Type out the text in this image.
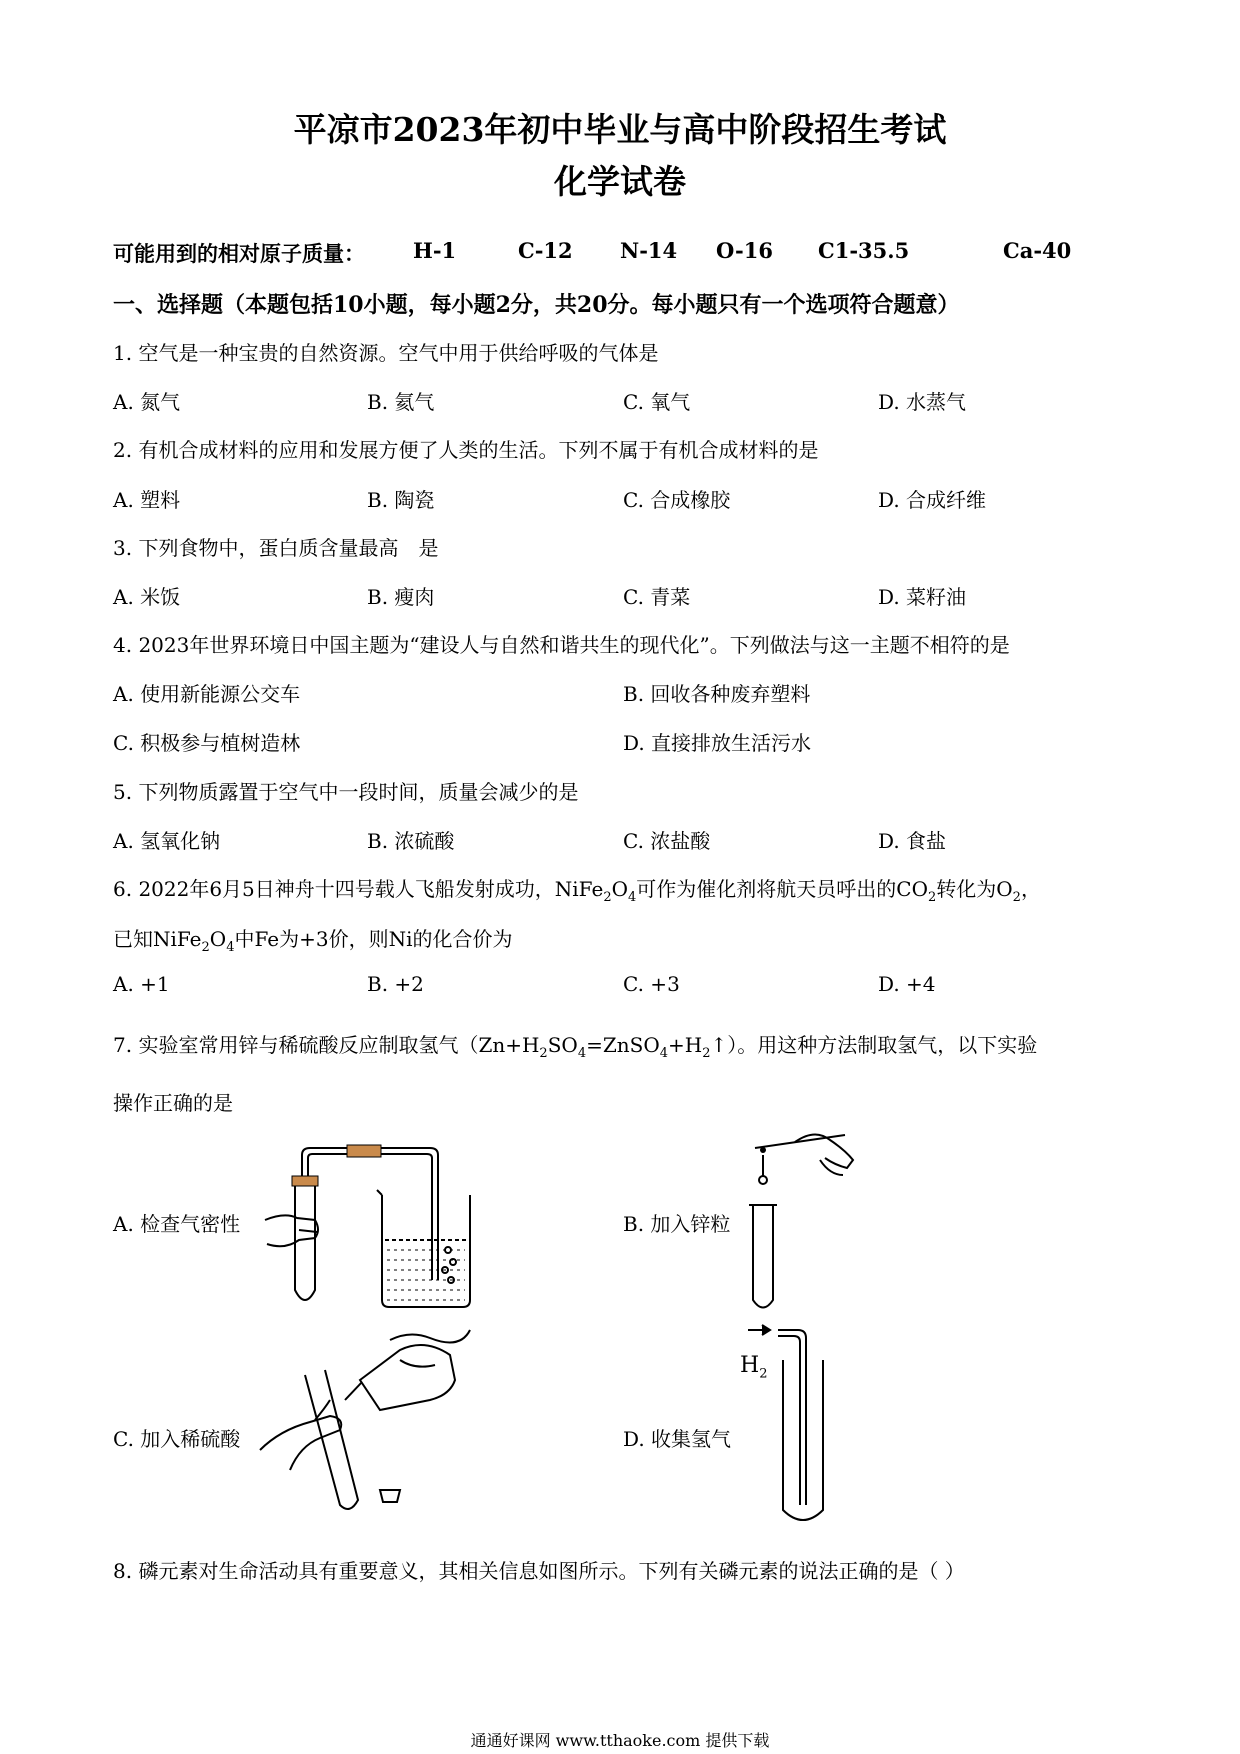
平凉市2023年初中毕业与高中阶段招生考试
化学试卷
可能用到的相对原子质量： H-1	C-12 N-14 O-16 C1-35.5	Ca-40
一、选择题（本题包括10小题，每小题2分，共20分。每小题只有一个选项符合题意）
1. 空气是一种宝贵的自然资源。空气中用于供给呼吸的气体是
A. 氮气	B. 氦气	C. 氧气	D. 水蒸气
2. 有机合成材料的应用和发展方便了人类的生活。下列不属于有机合成材料的是
A. 塑料	B. 陶瓷	C. 合成橡胶	D. 合成纤维
3. 下列食物中，蛋白质含量最高　是
A. 米饭	B. 瘦肉	C. 青菜	D. 菜籽油
4. 2023年世界环境日中国主题为“建设人与自然和谐共生的现代化”。下列做法与这一主题不相符的是
A. 使用新能源公交车	B. 回收各种废弃塑料
C. 积极参与植树造林	D. 直接排放生活污水
5. 下列物质露置于空气中一段时间，质量会减少的是
A. 氢氧化钠	B. 浓硫酸	C. 浓盐酸	D. 食盐
6. 2022年6月5日神舟十四号载人飞船发射成功，$NiFe_2O_4$可作为催化剂将航天员呼出的$CO_2$转化为$O_2$，
已知$NiFe_2O_4$中Fe为+3价，则Ni的化合价为
A. +1	B. +2	C. +3	D. +4
7. 实验室常用锌与稀硫酸反应制取氢气$(Zn+H_2SO_4=ZnSO_4+H_2↑)$。用这种方法制取氢气，以下实验
操作正确的是
A. 检查气密性	B. 加入锌粒
C. 加入稀硫酸	D. 收集氢气
$H_2$
8. 磷元素对生命活动具有重要意义，其相关信息如图所示。下列有关磷元素的说法正确的是（ ）
通通好课网 www.tthaoke.com 提供下载
